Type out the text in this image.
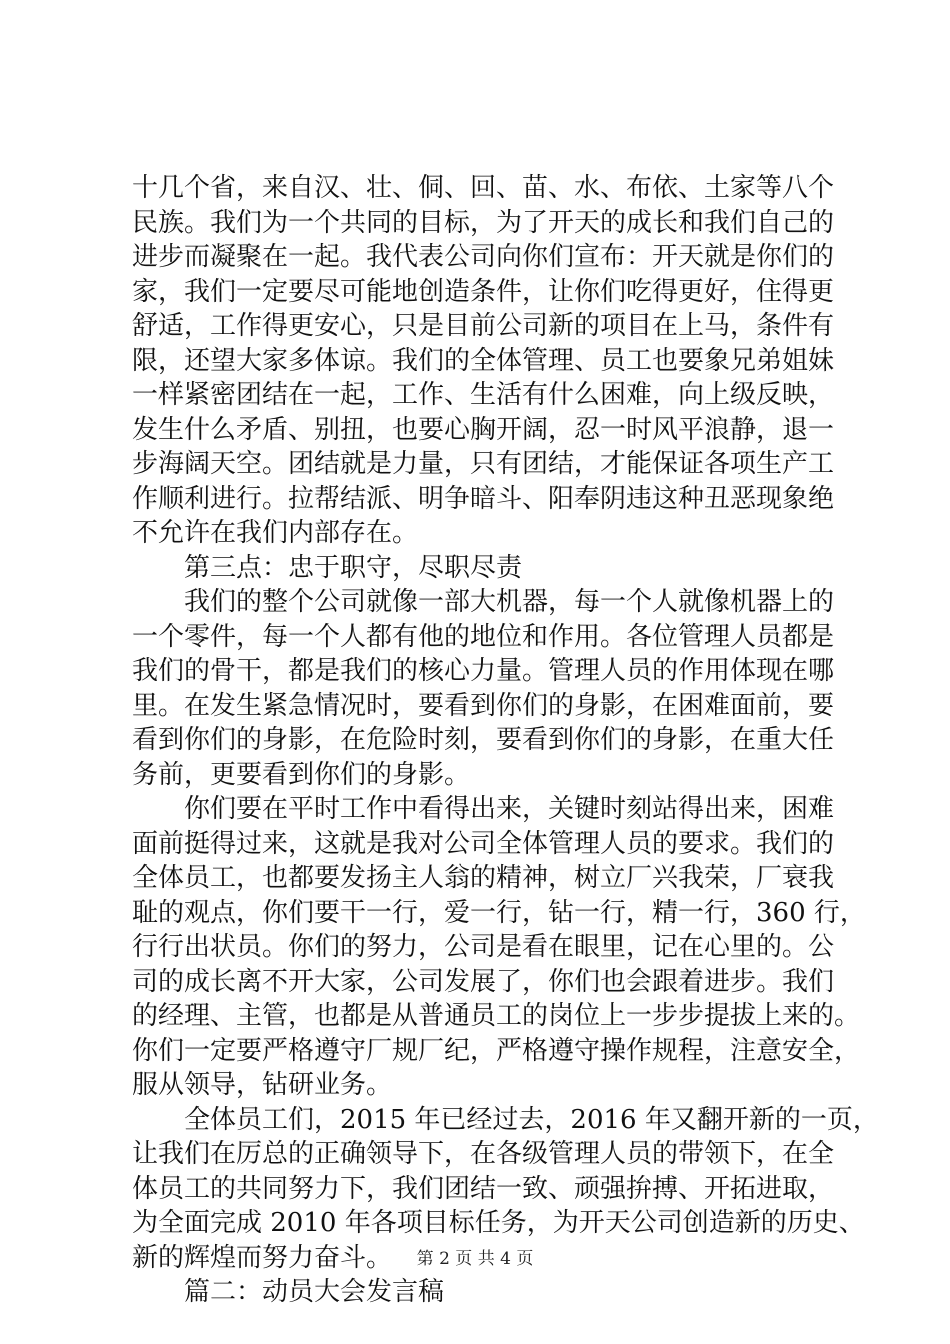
十几个省，来自汉、壮、侗、回、苗、水、布依、土家等八个
民族。我们为一个共同的目标，为了开天的成长和我们自己的
进步而凝聚在一起。我代表公司向你们宣布：开天就是你们的
家，我们一定要尽可能地创造条件，让你们吃得更好，住得更
舒适，工作得更安心，只是目前公司新的项目在上马，条件有
限，还望大家多体谅。我们的全体管理、员工也要象兄弟姐妹
一样紧密团结在一起，工作、生活有什么困难，向上级反映，
发生什么矛盾、别扭，也要心胸开阔，忍一时风平浪静，退一
步海阔天空。团结就是力量，只有团结，才能保证各项生产工
作顺利进行。拉帮结派、明争暗斗、阳奉阴违这种丑恶现象绝
不允许在我们内部存在。
第三点：忠于职守，尽职尽责
我们的整个公司就像一部大机器，每一个人就像机器上的
一个零件，每一个人都有他的地位和作用。各位管理人员都是
我们的骨干，都是我们的核心力量。管理人员的作用体现在哪
里。在发生紧急情况时，要看到你们的身影，在困难面前，要
看到你们的身影，在危险时刻，要看到你们的身影，在重大任
务前，更要看到你们的身影。
你们要在平时工作中看得出来，关键时刻站得出来，困难
面前挺得过来，这就是我对公司全体管理人员的要求。我们的
全体员工，也都要发扬主人翁的精神，树立厂兴我荣，厂衰我
耻的观点，你们要干一行，爱一行，钻一行，精一行，360 行，
行行出状员。你们的努力，公司是看在眼里，记在心里的。公
司的成长离不开大家，公司发展了，你们也会跟着进步。我们
的经理、主管，也都是从普通员工的岗位上一步步提拔上来的。
你们一定要严格遵守厂规厂纪，严格遵守操作规程，注意安全，
服从领导，钻研业务。
全体员工们，2015 年已经过去，2016 年又翻开新的一页，
让我们在厉总的正确领导下，在各级管理人员的带领下，在全
体员工的共同努力下，我们团结一致、顽强拚搏、开拓进取，
为全面完成 2010 年各项目标任务，为开天公司创造新的历史、
新的辉煌而努力奋斗。
篇二：动员大会发言稿
第 2 页 共 4 页
